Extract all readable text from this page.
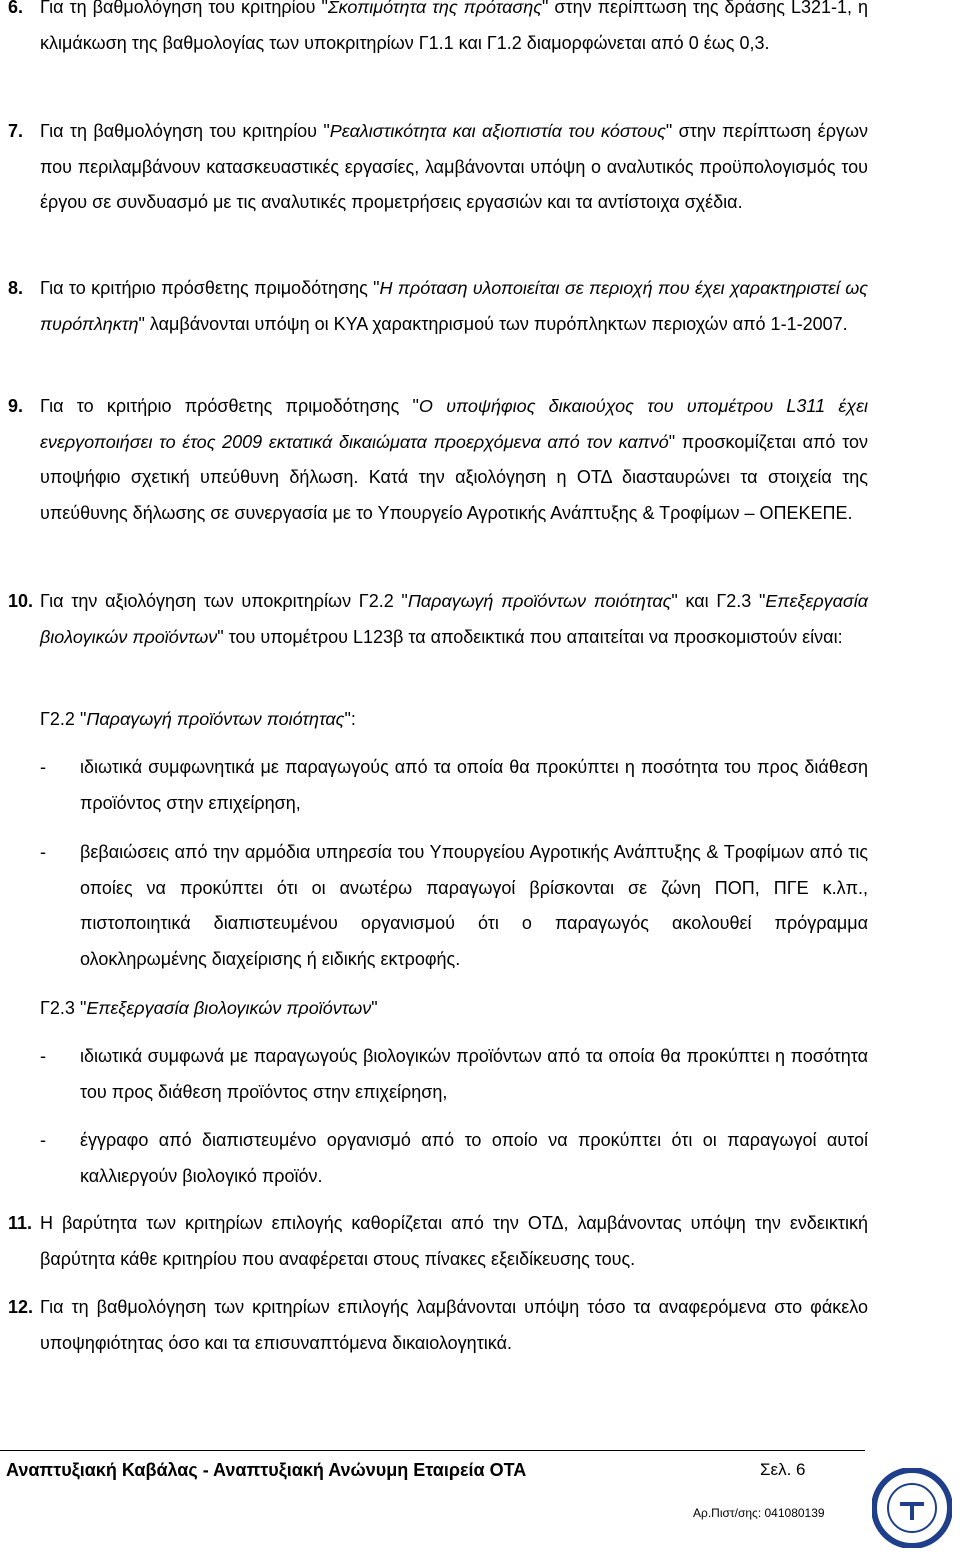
6. Για τη βαθμολόγηση του κριτηρίου "Σκοπιμότητα της πρότασης" στην περίπτωση της δράσης L321-1, η κλιμάκωση της βαθμολογίας των υποκριτηρίων Γ1.1 και Γ1.2 διαμορφώνεται από 0 έως 0,3.
7. Για τη βαθμολόγηση του κριτηρίου "Ρεαλιστικότητα και αξιοπιστία του κόστους" στην περίπτωση έργων που περιλαμβάνουν κατασκευαστικές εργασίες, λαμβάνονται υπόψη ο αναλυτικός προϋπολογισμός του έργου σε συνδυασμό με τις αναλυτικές προμετρήσεις εργασιών και τα αντίστοιχα σχέδια.
8. Για το κριτήριο πρόσθετης πριμοδότησης "Η πρόταση υλοποιείται σε περιοχή που έχει χαρακτηριστεί ως πυρόπληκτη" λαμβάνονται υπόψη οι ΚΥΑ χαρακτηρισμού των πυρόπληκτων περιοχών από 1-1-2007.
9. Για το κριτήριο πρόσθετης πριμοδότησης "Ο υποψήφιος δικαιούχος του υπομέτρου L311 έχει ενεργοποιήσει το έτος 2009 εκτατικά δικαιώματα προερχόμενα από τον καπνό" προσκομίζεται από τον υποψήφιο σχετική υπεύθυνη δήλωση. Κατά την αξιολόγηση η ΟΤΔ διασταυρώνει τα στοιχεία της υπεύθυνης δήλωσης σε συνεργασία με το Υπουργείο Αγροτικής Ανάπτυξης & Τροφίμων – ΟΠΕΚΕΠΕ.
10. Για την αξιολόγηση των υποκριτηρίων Γ2.2 "Παραγωγή προϊόντων ποιότητας" και Γ2.3 "Επεξεργασία βιολογικών προϊόντων" του υπομέτρου L123β τα αποδεικτικά που απαιτείται να προσκομιστούν είναι:
Γ2.2 "Παραγωγή προϊόντων ποιότητας":
- ιδιωτικά συμφωνητικά με παραγωγούς από τα οποία θα προκύπτει η ποσότητα του προς διάθεση προϊόντος στην επιχείρηση,
- βεβαιώσεις από την αρμόδια υπηρεσία του Υπουργείου Αγροτικής Ανάπτυξης & Τροφίμων από τις οποίες να προκύπτει ότι οι ανωτέρω παραγωγοί βρίσκονται σε ζώνη ΠΟΠ, ΠΓΕ κ.λπ., πιστοποιητικά διαπιστευμένου οργανισμού ότι ο παραγωγός ακολουθεί πρόγραμμα ολοκληρωμένης διαχείρισης ή ειδικής εκτροφής.
Γ2.3 "Επεξεργασία βιολογικών προϊόντων"
- ιδιωτικά συμφωνά με παραγωγούς βιολογικών προϊόντων από τα οποία θα προκύπτει η ποσότητα του προς διάθεση προϊόντος στην επιχείρηση,
- έγγραφο από διαπιστευμένο οργανισμό από το οποίο να προκύπτει ότι οι παραγωγοί αυτοί καλλιεργούν βιολογικό προϊόν.
11. Η βαρύτητα των κριτηρίων επιλογής καθορίζεται από την ΟΤΔ, λαμβάνοντας υπόψη την ενδεικτική βαρύτητα κάθε κριτηρίου που αναφέρεται στους πίνακες εξειδίκευσης τους.
12. Για τη βαθμολόγηση των κριτηρίων επιλογής λαμβάνονται υπόψη τόσο τα αναφερόμενα στο φάκελο υποψηφιότητας όσο και τα επισυναπτόμενα δικαιολογητικά.
Αναπτυξιακή Καβάλας - Αναπτυξιακή Ανώνυμη Εταιρεία ΟΤΑ	Σελ. 6
Αρ.Πιστ/σης: 041080139
